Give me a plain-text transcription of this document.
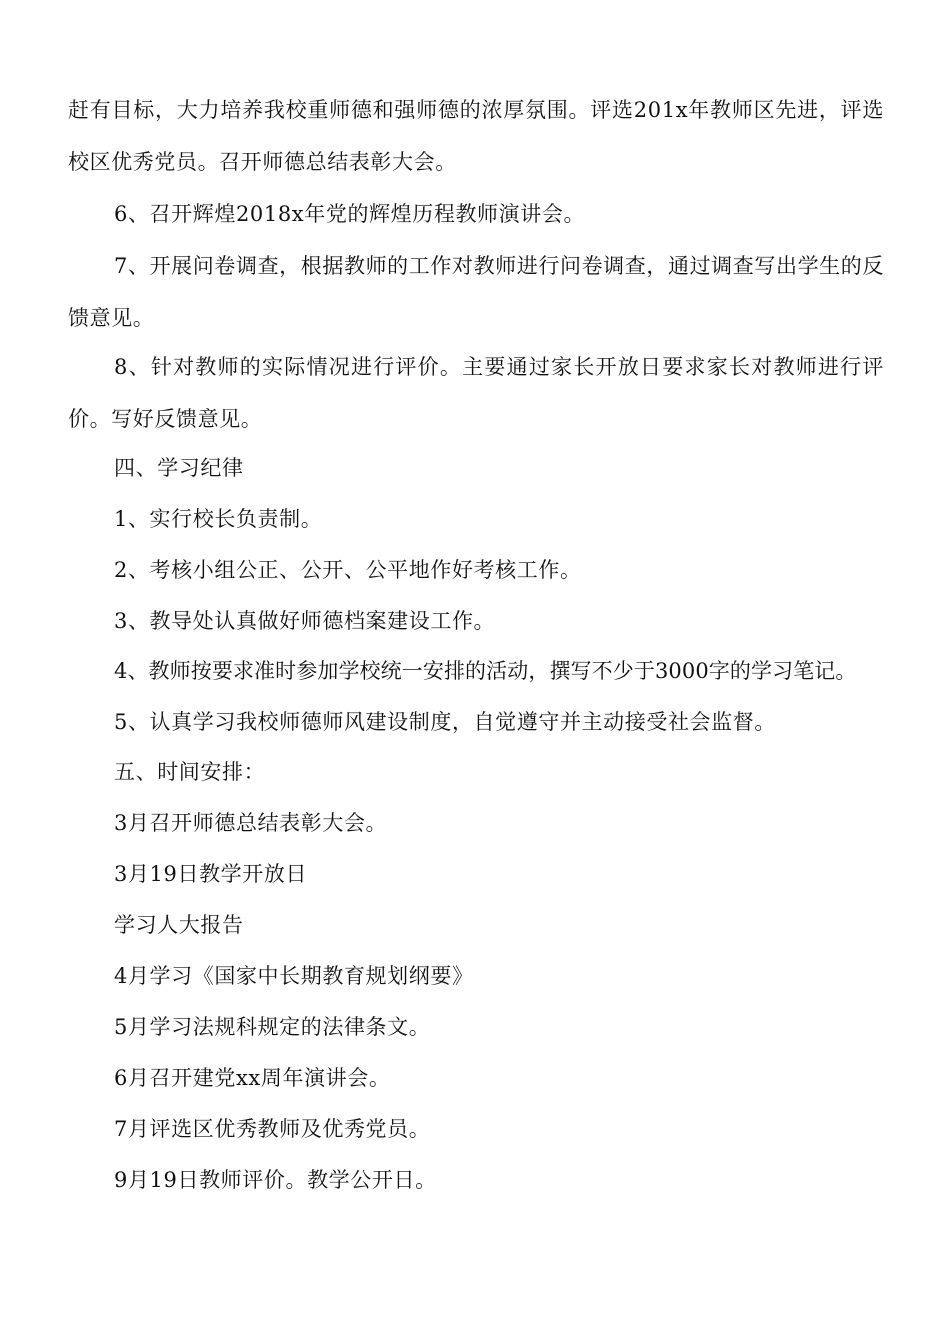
赶有目标，大力培养我校重师德和强师德的浓厚氛围。评选201x年教师区先进，评选校区优秀党员。召开师德总结表彰大会。

6、召开辉煌2018x年党的辉煌历程教师演讲会。

7、开展问卷调查，根据教师的工作对教师进行问卷调查，通过调查写出学生的反馈意见。

8、针对教师的实际情况进行评价。主要通过家长开放日要求家长对教师进行评价。写好反馈意见。

四、学习纪律

1、实行校长负责制。

2、考核小组公正、公开、公平地作好考核工作。

3、教导处认真做好师德档案建设工作。

4、教师按要求准时参加学校统一安排的活动，撰写不少于3000字的学习笔记。

5、认真学习我校师德师风建设制度，自觉遵守并主动接受社会监督。

五、时间安排：

3月召开师德总结表彰大会。

3月19日教学开放日

学习人大报告

4月学习《国家中长期教育规划纲要》

5月学习法规科规定的法律条文。

6月召开建党xx周年演讲会。

7月评选区优秀教师及优秀党员。

9月19日教师评价。教学公开日。
